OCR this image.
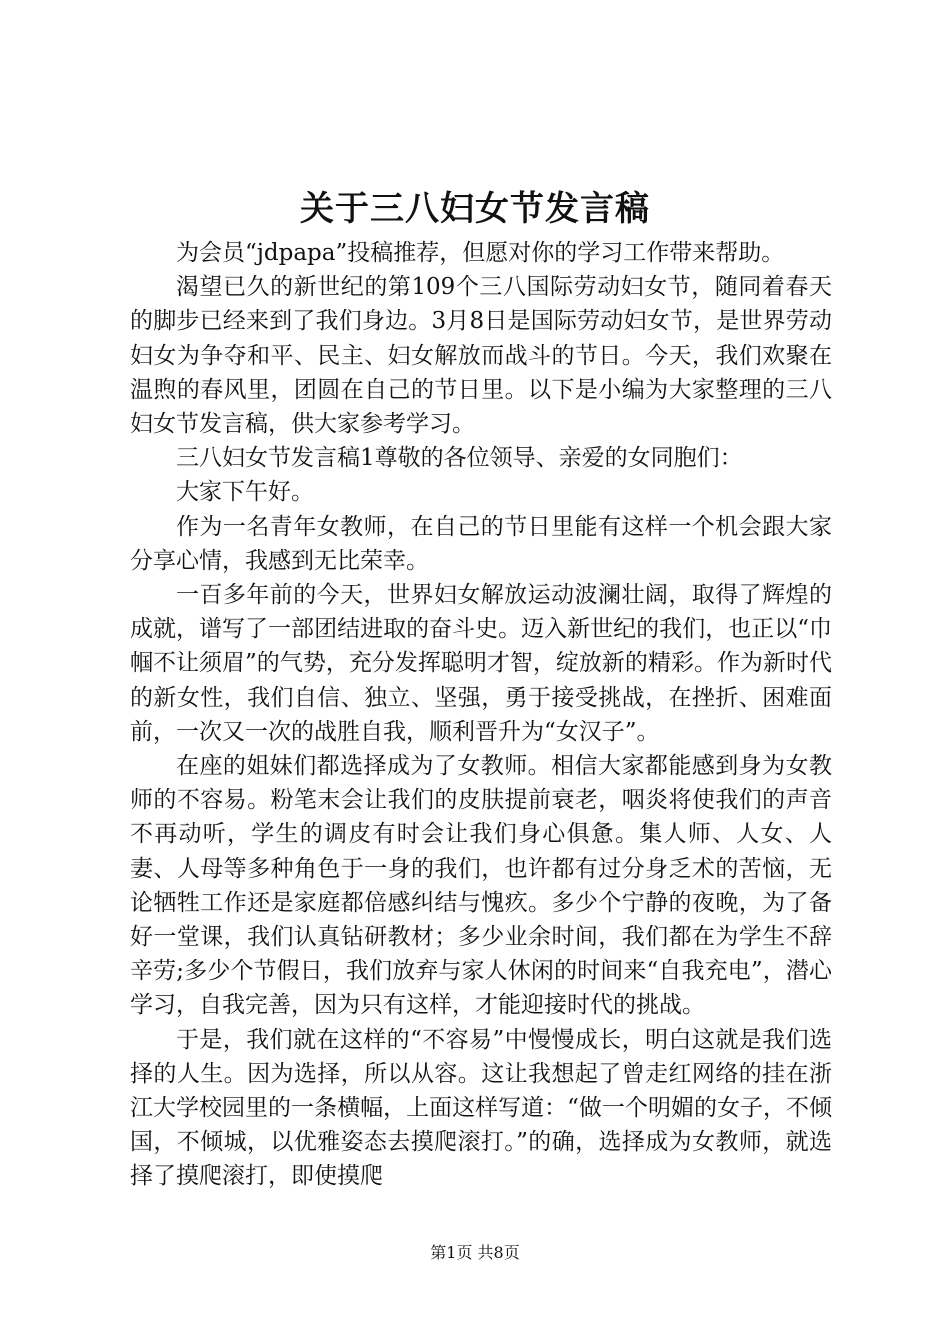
关于三八妇女节发言稿

为会员“jdpapa”投稿推荐，但愿对你的学习工作带来帮助。

渴望已久的新世纪的第109个三八国际劳动妇女节，随同着春天的脚步已经来到了我们身边。3月8日是国际劳动妇女节，是世界劳动妇女为争夺和平、民主、妇女解放而战斗的节日。今天，我们欢聚在温煦的春风里，团圆在自己的节日里。以下是小编为大家整理的三八妇女节发言稿，供大家参考学习。

三八妇女节发言稿1尊敬的各位领导、亲爱的女同胞们：

大家下午好。

作为一名青年女教师，在自己的节日里能有这样一个机会跟大家分享心情，我感到无比荣幸。

一百多年前的今天，世界妇女解放运动波澜壮阔，取得了辉煌的成就，谱写了一部团结进取的奋斗史。迈入新世纪的我们，也正以“巾帼不让须眉”的气势，充分发挥聪明才智，绽放新的精彩。作为新时代的新女性，我们自信、独立、坚强，勇于接受挑战，在挫折、困难面前，一次又一次的战胜自我，顺利晋升为“女汉子”。

在座的姐妹们都选择成为了女教师。相信大家都能感到身为女教师的不容易。粉笔末会让我们的皮肤提前衰老，咽炎将使我们的声音不再动听，学生的调皮有时会让我们身心俱惫。集人师、人女、人妻、人母等多种角色于一身的我们，也许都有过分身乏术的苦恼，无论牺牲工作还是家庭都倍感纠结与愧疚。多少个宁静的夜晚，为了备好一堂课，我们认真钻研教材；多少业余时间，我们都在为学生不辞辛劳;多少个节假日，我们放弃与家人休闲的时间来“自我充电”，潜心学习，自我完善，因为只有这样，才能迎接时代的挑战。

于是，我们就在这样的“不容易”中慢慢成长，明白这就是我们选择的人生。因为选择，所以从容。这让我想起了曾走红网络的挂在浙江大学校园里的一条横幅，上面这样写道：“做一个明媚的女子，不倾国，不倾城，以优雅姿态去摸爬滚打。”的确，选择成为女教师，就选择了摸爬滚打，即使摸爬

第1页 共8页
